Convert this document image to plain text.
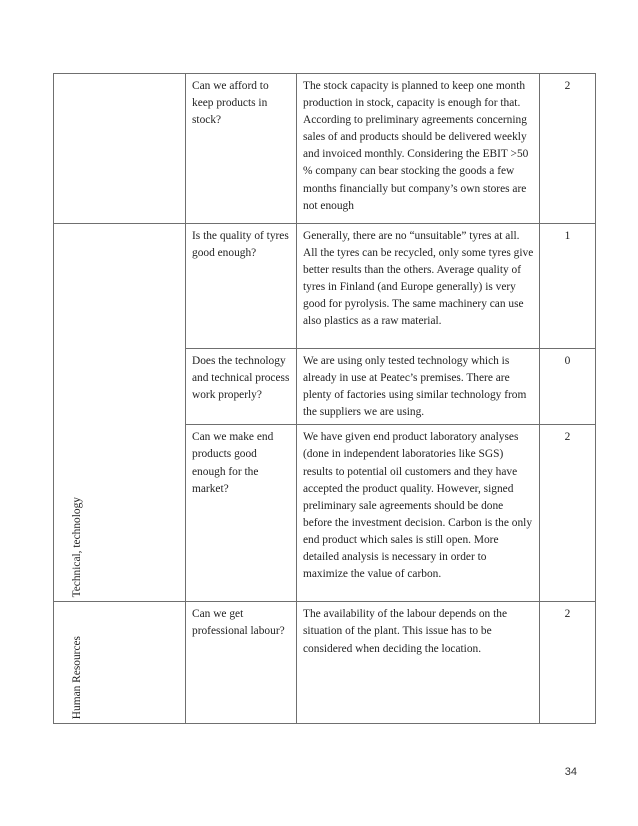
	Can we afford to keep products in stock?	The stock capacity is planned to keep one month production in stock, capacity is enough for that. According to preliminary agreements concerning sales of and products should be delivered weekly and invoiced monthly. Considering the EBIT >50 % company can bear stocking the goods a few months financially but company’s own stores are not enough	2

Technical, technology	Is the quality of tyres good enough?	Generally, there are no “unsuitable” tyres at all. All the tyres can be recycled, only some tyres give better results than the others. Average quality of tyres in Finland (and Europe generally) is very good for pyrolysis. The same machinery can use also plastics as a raw material.	1

	Does the technology and technical process work properly?	We are using only tested technology which is already in use at Peatec’s premises. There are plenty of factories using similar technology from the suppliers we are using.	0

	Can we make end products good enough for the market?	We have given end product laboratory analyses (done in independent laboratories like SGS) results to potential oil customers and they have accepted the product quality. However, signed preliminary sale agreements should be done before the investment decision. Carbon is the only end product which sales is still open. More detailed analysis is necessary in order to maximize the value of carbon.	2

Human Resources	Can we get professional labour?	The availability of the labour depends on the situation of the plant. This issue has to be considered when deciding the location.	2
34
